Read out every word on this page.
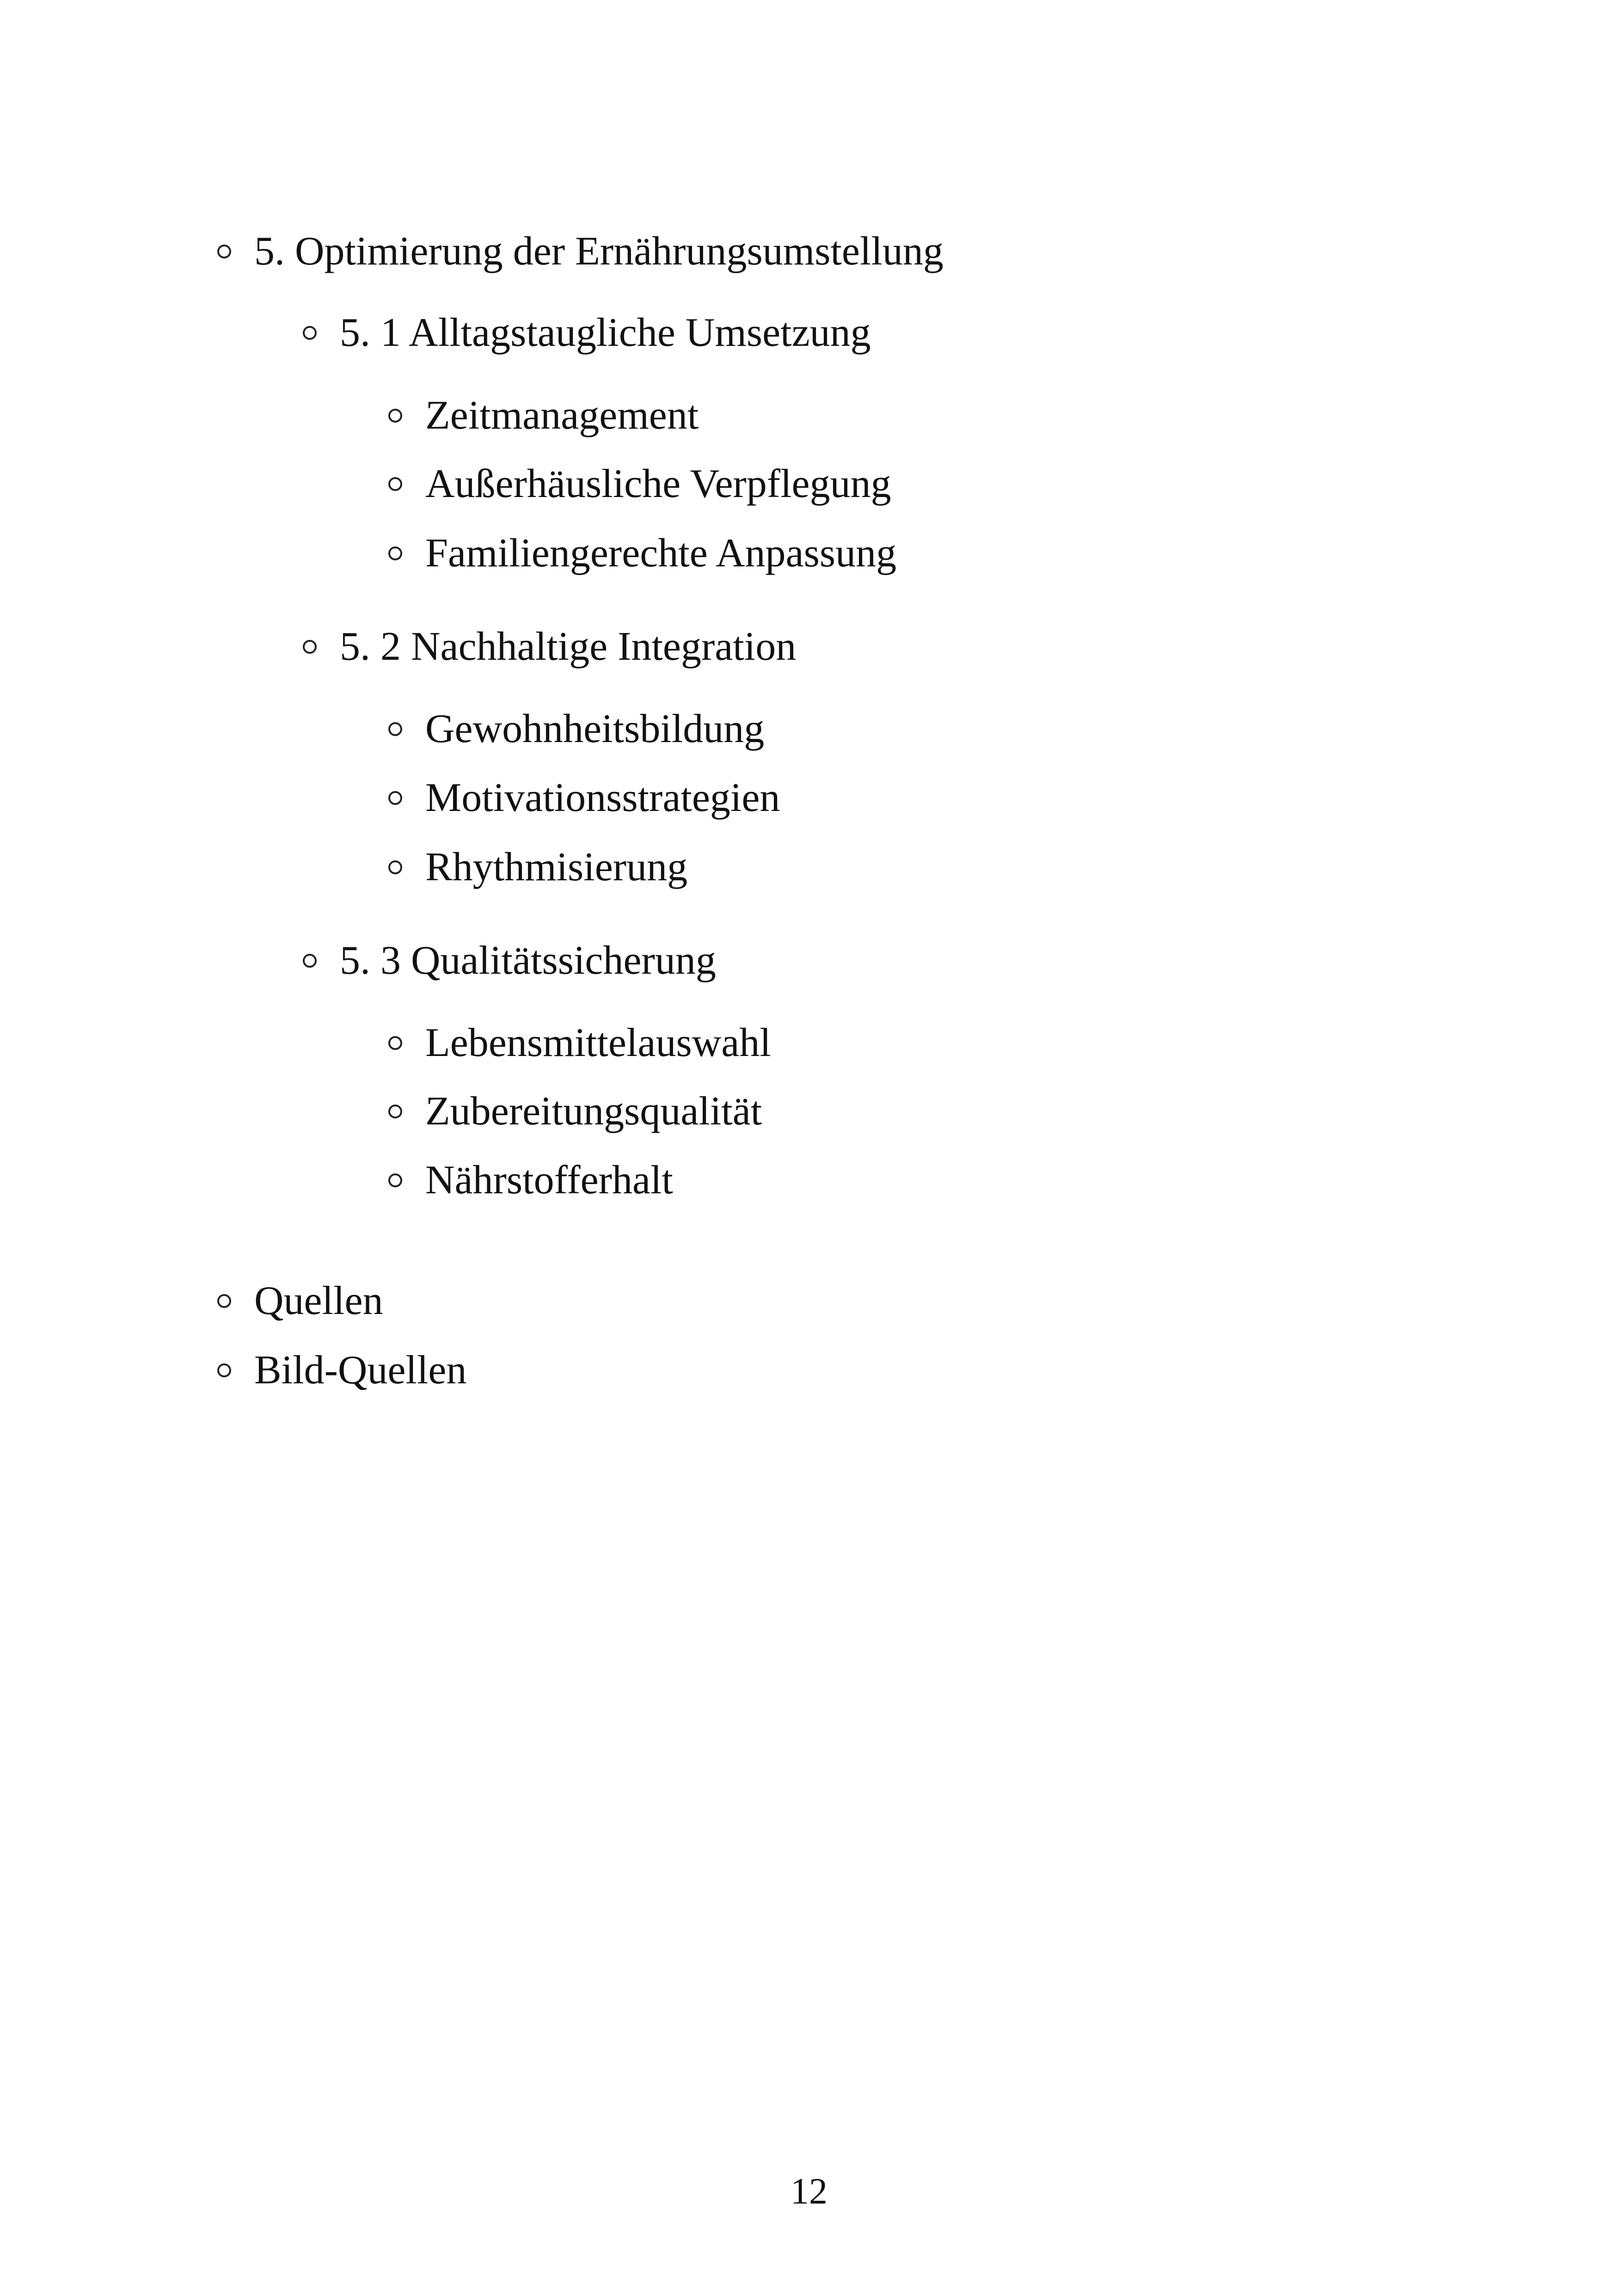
5. Optimierung der Ernährungsumstellung
5. 1 Alltagstaugliche Umsetzung
Zeitmanagement
Außerhäusliche Verpflegung
Familiengerechte Anpassung
5. 2 Nachhaltige Integration
Gewohnheitsbildung
Motivationsstrategien
Rhythmisierung
5. 3 Qualitätssicherung
Lebensmittelauswahl
Zubereitungsqualität
Nährstofferhalt
Quellen
Bild-Quellen
12
